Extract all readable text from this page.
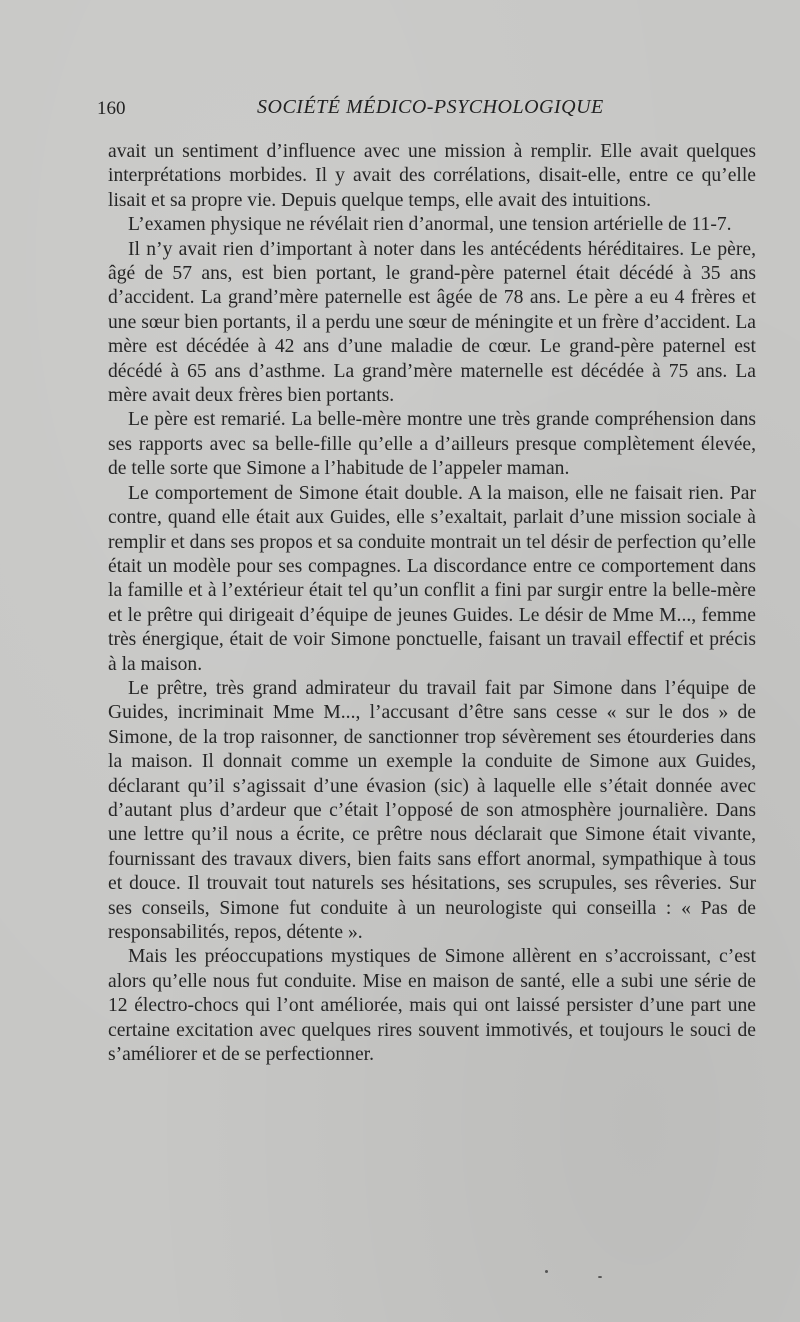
160	SOCIÉTÉ MÉDICO-PSYCHOLOGIQUE

avait un sentiment d’influence avec une mission à remplir. Elle avait quelques interprétations morbides. Il y avait des corrélations, disait-elle, entre ce qu’elle lisait et sa propre vie. Depuis quelque temps, elle avait des intuitions.

L’examen physique ne révélait rien d’anormal, une tension artérielle de 11-7.

Il n’y avait rien d’important à noter dans les antécédents héréditaires. Le père, âgé de 57 ans, est bien portant, le grand-père paternel était décédé à 35 ans d’accident. La grand’mère paternelle est âgée de 78 ans. Le père a eu 4 frères et une sœur bien portants, il a perdu une sœur de méningite et un frère d’accident. La mère est décédée à 42 ans d’une maladie de cœur. Le grand-père paternel est décédé à 65 ans d’asthme. La grand’mère maternelle est décédée à 75 ans. La mère avait deux frères bien portants.

Le père est remarié. La belle-mère montre une très grande compréhension dans ses rapports avec sa belle-fille qu’elle a d’ailleurs presque complètement élevée, de telle sorte que Simone a l’habitude de l’appeler maman.

Le comportement de Simone était double. A la maison, elle ne faisait rien. Par contre, quand elle était aux Guides, elle s’exaltait, parlait d’une mission sociale à remplir et dans ses propos et sa conduite montrait un tel désir de perfection qu’elle était un modèle pour ses compagnes. La discordance entre ce comportement dans la famille et à l’extérieur était tel qu’un conflit a fini par surgir entre la belle-mère et le prêtre qui dirigeait d’équipe de jeunes Guides. Le désir de Mme M..., femme très énergique, était de voir Simone ponctuelle, faisant un travail effectif et précis à la maison.

Le prêtre, très grand admirateur du travail fait par Simone dans l’équipe de Guides, incriminait Mme M..., l’accusant d’être sans cesse « sur le dos » de Simone, de la trop raisonner, de sanctionner trop sévèrement ses étourderies dans la maison. Il donnait comme un exemple la conduite de Simone aux Guides, déclarant qu’il s’agissait d’une évasion (sic) à laquelle elle s’était donnée avec d’autant plus d’ardeur que c’était l’opposé de son atmosphère journalière. Dans une lettre qu’il nous a écrite, ce prêtre nous déclarait que Simone était vivante, fournissant des travaux divers, bien faits sans effort anormal, sympathique à tous et douce. Il trouvait tout naturels ses hésitations, ses scrupules, ses rêveries. Sur ses conseils, Simone fut conduite à un neurologiste qui conseilla : « Pas de responsabilités, repos, détente ».

Mais les préoccupations mystiques de Simone allèrent en s’accroissant, c’est alors qu’elle nous fut conduite. Mise en maison de santé, elle a subi une série de 12 électro-chocs qui l’ont améliorée, mais qui ont laissé persister d’une part une certaine excitation avec quelques rires souvent immotivés, et toujours le souci de s’améliorer et de se perfectionner.
